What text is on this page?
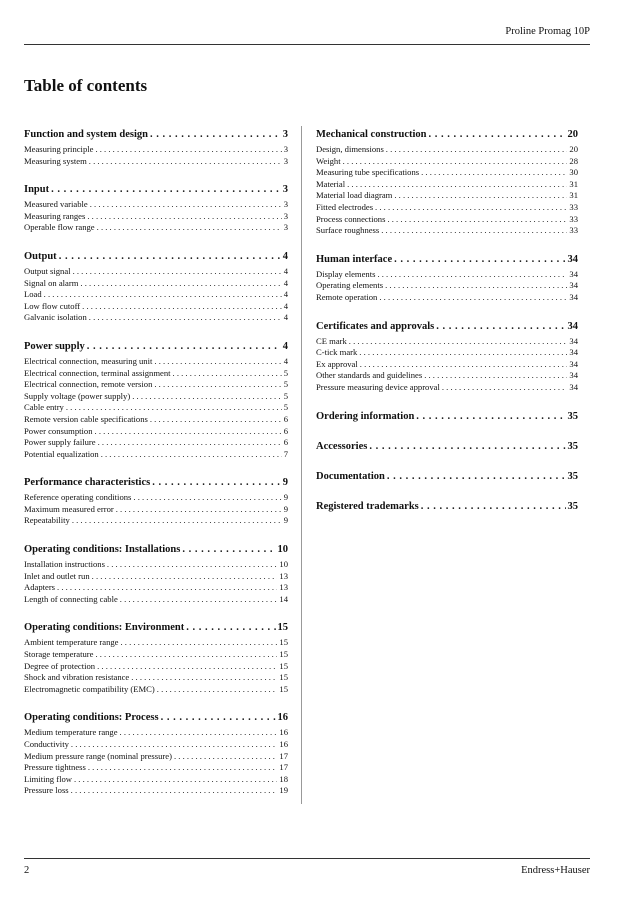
Proline Promag 10P
Table of contents
Function and system design . . .	3
Measuring principle . . .	3
Measuring system . . .	3
Input . . .	3
Measured variable . . .	3
Measuring ranges . . .	3
Operable flow range . . .	3
Output . . .	4
Output signal . . .	4
Signal on alarm . . .	4
Load . . .	4
Low flow cutoff . . .	4
Galvanic isolation . . .	4
Power supply . . .	4
Electrical connection, measuring unit . . .	4
Electrical connection, terminal assignment . . .	5
Electrical connection, remote version . . .	5
Supply voltage (power supply) . . .	5
Cable entry . . .	5
Remote version cable specifications . . .	6
Power consumption . . .	6
Power supply failure . . .	6
Potential equalization . . .	7
Performance characteristics . . .	9
Reference operating conditions . . .	9
Maximum measured error . . .	9
Repeatability . . .	9
Operating conditions: Installations . . .	10
Installation instructions . . .	10
Inlet and outlet run . . .	13
Adapters . . .	13
Length of connecting cable . . .	14
Operating conditions: Environment . . .	15
Ambient temperature range . . .	15
Storage temperature . . .	15
Degree of protection . . .	15
Shock and vibration resistance . . .	15
Electromagnetic compatibility (EMC) . . .	15
Operating conditions: Process . . .	16
Medium temperature range . . .	16
Conductivity . . .	16
Medium pressure range (nominal pressure) . . .	17
Pressure tightness . . .	17
Limiting flow . . .	18
Pressure loss . . .	19
Mechanical construction . . .	20
Design, dimensions . . .	20
Weight . . .	28
Measuring tube specifications . . .	30
Material . . .	31
Material load diagram . . .	31
Fitted electrodes . . .	33
Process connections . . .	33
Surface roughness . . .	33
Human interface . . .	34
Display elements . . .	34
Operating elements . . .	34
Remote operation . . .	34
Certificates and approvals . . .	34
CE mark . . .	34
C-tick mark . . .	34
Ex approval . . .	34
Other standards and guidelines . . .	34
Pressure measuring device approval . . .	34
Ordering information . . .	35
Accessories . . .	35
Documentation . . .	35
Registered trademarks . . .	35
2	Endress+Hauser
